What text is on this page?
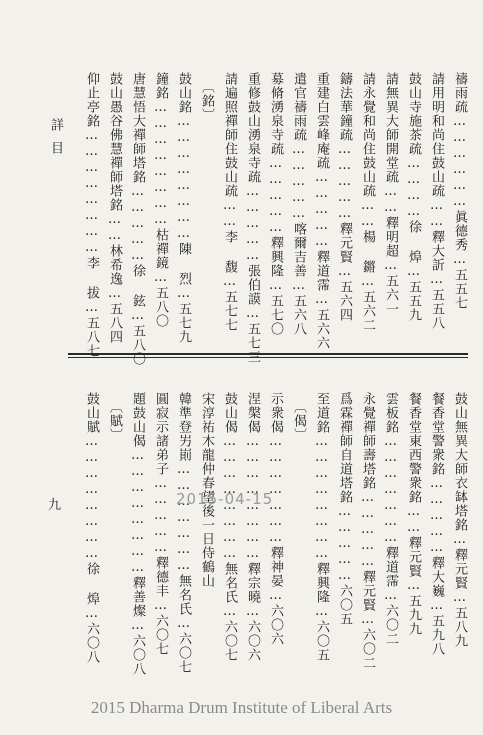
詳目
九
禱雨疏………………眞德秀…五五七
請用明和尚住鼓山疏……釋大訢…五五八
鼓山寺施茶疏…………徐 㷆…五五九
請無異大師開堂疏……釋明超…五六一
請永覺和尚住鼓山疏……楊 鏘…五六二
鑄法華鐘疏……………釋元賢…五六四
重建白雲峰庵疏……………釋道霈…五六六
遣官禱雨疏……………喀爾吉善…五六八
募脩湧泉寺疏……………釋興隆…五七〇
重修鼓山湧泉寺疏……………張伯謨…五七三
請遍照禪師住鼓山疏……李 馥…五七七
〔銘〕
鼓山銘……………………陳 烈…五七九
鐘銘……………………枯禪鏡…五八〇
唐慧悟大禪師塔銘……………徐 鉉…五八〇
鼓山愚谷佛慧禪師塔銘……林希逸…五八四
仰止亭銘……………………李 拔…五八七
鼓山無異大師衣缽塔銘…釋元賢…五八九
餐香堂警衆銘……………釋大巍…五九八
餐香堂東西警衆銘……釋元賢…五九九
雲板銘…………………釋道霈…六〇二
永覺禪師壽塔銘……………釋元賢…六〇二
爲霖禪師自道塔銘……………六〇五
至道銘……………………釋興隆…六〇五
〔偈〕
示衆偈…………………釋神晏…六〇六
涅槃偈……………………釋宗曉…六〇六
鼓山偈……………………無名氏…六〇七
宋淳祐木龍仲春望後一日侍鶴山
韓準登屴崱…………………無名氏…六〇七
圓寂示諸弟子……………釋德丰…六〇七
題鼓山偈……………………釋善燦…六〇八
〔賦〕
鼓山賦……………………徐 㷆…六〇八	2015-04-15
2015 Dharma Drum Institute of Liberal Arts
